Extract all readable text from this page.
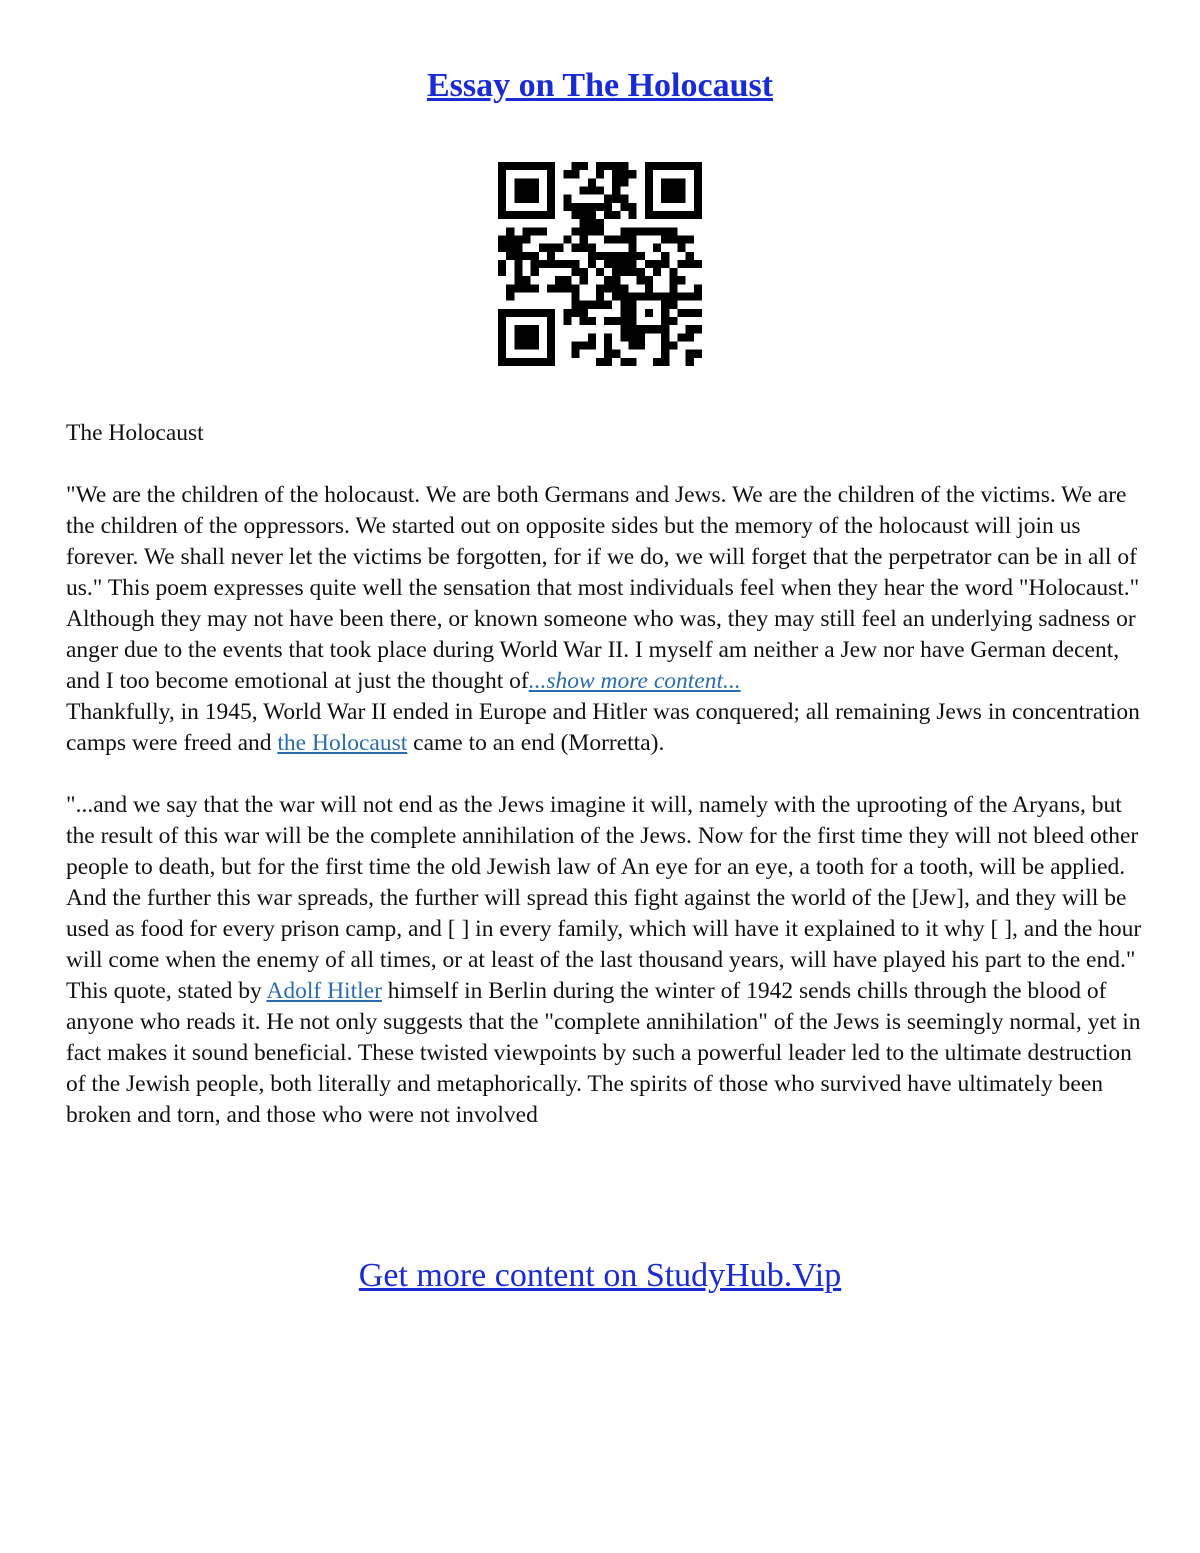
Essay on The Holocaust

The Holocaust

"We are the children of the holocaust. We are both Germans and Jews. We are the children of the victims. We are the children of the oppressors. We started out on opposite sides but the memory of the holocaust will join us forever. We shall never let the victims be forgotten, for if we do, we will forget that the perpetrator can be in all of us." This poem expresses quite well the sensation that most individuals feel when they hear the word "Holocaust." Although they may not have been there, or known someone who was, they may still feel an underlying sadness or anger due to the events that took place during World War II. I myself am neither a Jew nor have German decent, and I too become emotional at just the thought of...show more content...

Thankfully, in 1945, World War II ended in Europe and Hitler was conquered; all remaining Jews in concentration camps were freed and the Holocaust came to an end (Morretta).

"...and we say that the war will not end as the Jews imagine it will, namely with the uprooting of the Aryans, but the result of this war will be the complete annihilation of the Jews. Now for the first time they will not bleed other people to death, but for the first time the old Jewish law of An eye for an eye, a tooth for a tooth, will be applied. And the further this war spreads, the further will spread this fight against the world of the [Jew], and they will be used as food for every prison camp, and [ ] in every family, which will have it explained to it why [ ], and the hour will come when the enemy of all times, or at least of the last thousand years, will have played his part to the end."

This quote, stated by Adolf Hitler himself in Berlin during the winter of 1942 sends chills through the blood of anyone who reads it. He not only suggests that the "complete annihilation" of the Jews is seemingly normal, yet in fact makes it sound beneficial. These twisted viewpoints by such a powerful leader led to the ultimate destruction of the Jewish people, both literally and metaphorically. The spirits of those who survived have ultimately been broken and torn, and those who were not involved

Get more content on StudyHub.Vip
